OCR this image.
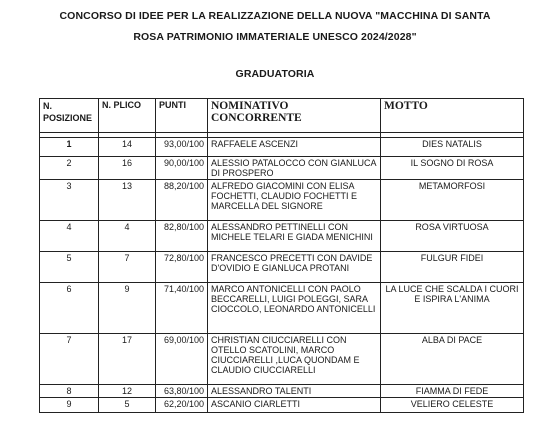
CONCORSO DI IDEE PER LA REALIZZAZIONE DELLA NUOVA "MACCHINA DI SANTA
ROSA PATRIMONIO IMMATERIALE UNESCO 2024/2028"
GRADUATORIA
N. POSIZIONE	N. PLICO	PUNTI	NOMINATIVO CONCORRENTE	MOTTO

1	14	93,00/100	RAFFAELE ASCENZI	DIES NATALIS
2	16	90,00/100	ALESSIO PATALOCCO CON GIANLUCA DI PROSPERO	IL SOGNO DI ROSA
3	13	88,20/100	ALFREDO GIACOMINI CON ELISA FOCHETTI, CLAUDIO FOCHETTI E MARCELLA DEL SIGNORE	METAMORFOSI
4	4	82,80/100	ALESSANDRO PETTINELLI CON MICHELE TELARI E GIADA MENICHINI	ROSA VIRTUOSA
5	7	72,80/100	FRANCESCO PRECETTI CON DAVIDE D'OVIDIO E GIANLUCA PROTANI	FULGUR FIDEI
6	9	71,40/100	MARCO ANTONICELLI CON PAOLO BECCARELLI, LUIGI POLEGGI, SARA CIOCCOLO, LEONARDO ANTONICELLI	LA LUCE CHE SCALDA I CUORI E ISPIRA L'ANIMA
7	17	69,00/100	CHRISTIAN CIUCCIARELLI CON OTELLO SCATOLINI, MARCO CIUCCIARELLI ,LUCA QUONDAM E CLAUDIO CIUCCIARELLI	ALBA DI PACE
8	12	63,80/100	ALESSANDRO TALENTI	FIAMMA DI FEDE
9	5	62,20/100	ASCANIO CIARLETTI	VELIERO CELESTE
